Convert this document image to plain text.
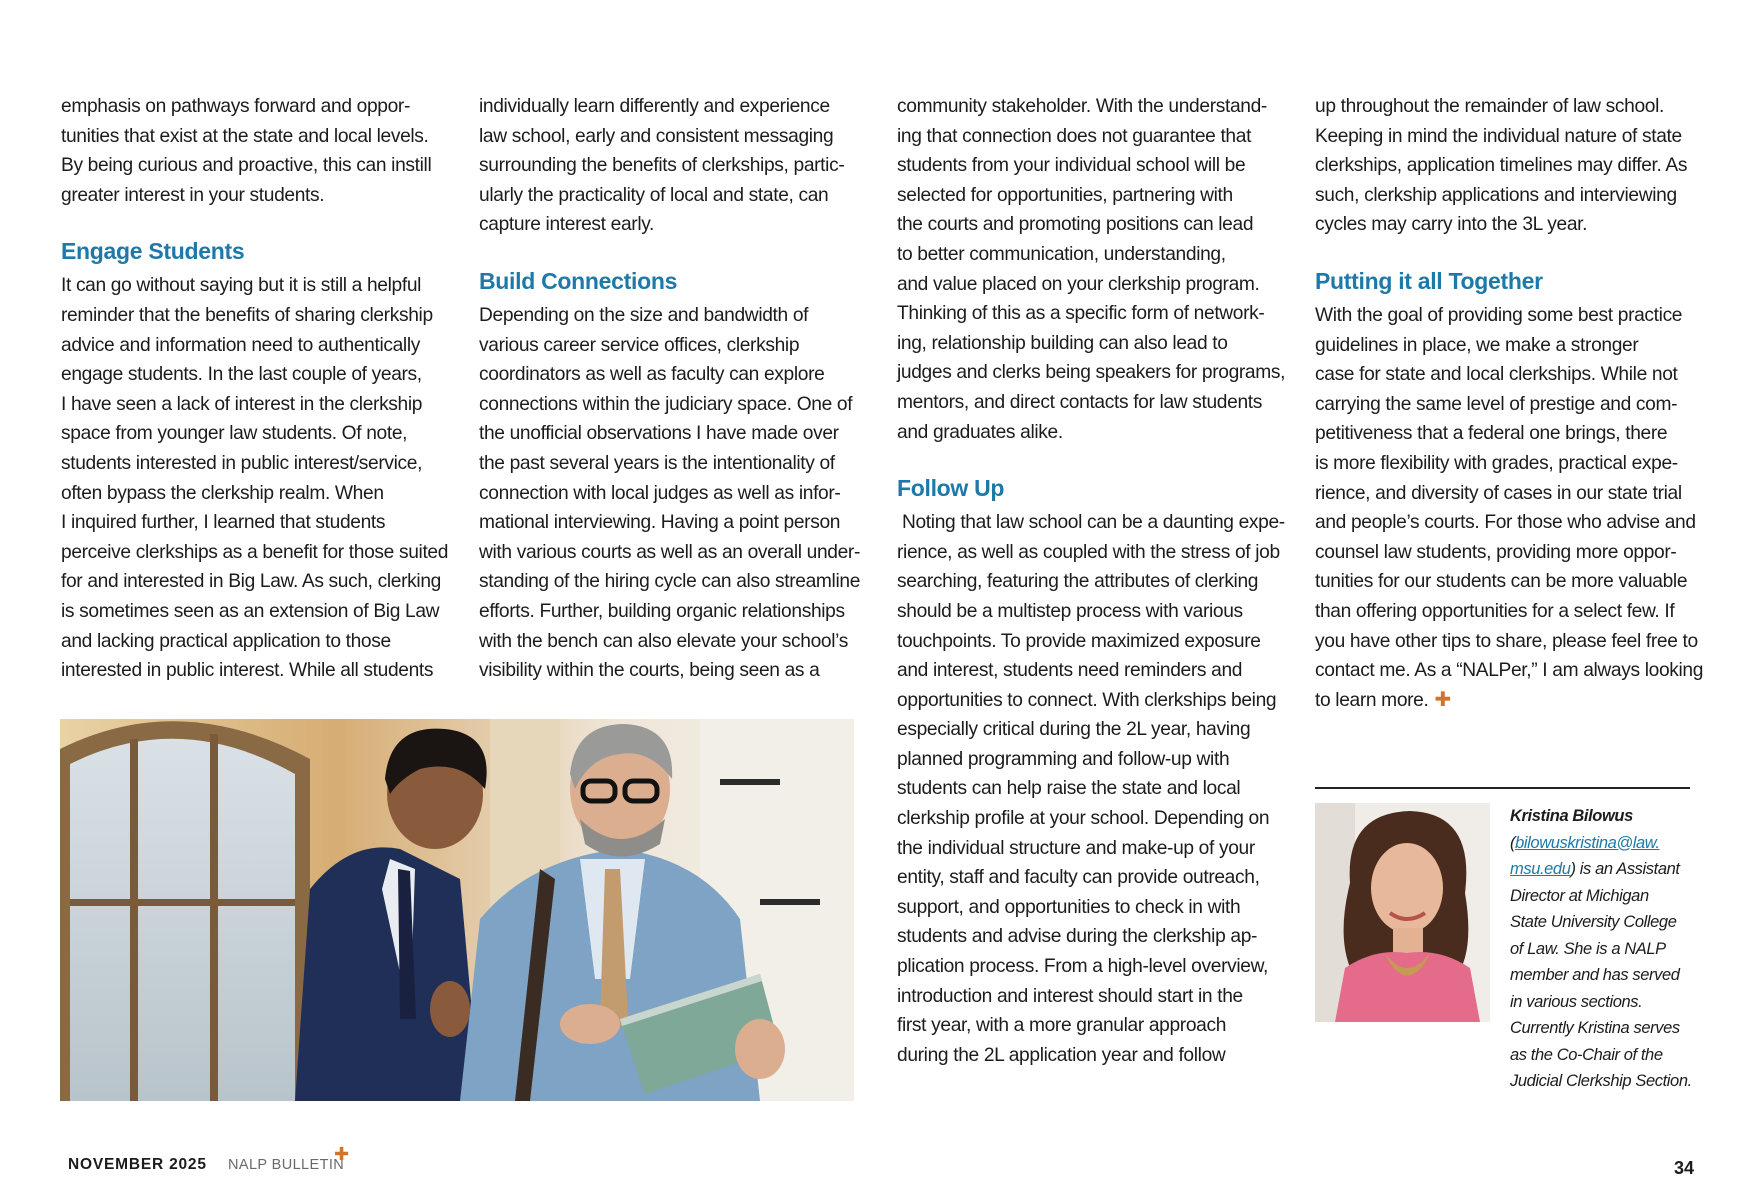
emphasis on pathways forward and oppor-

tunities that exist at the state and local levels.

By being curious and proactive, this can instill

greater interest in your students.

Engage Students

It can go without saying but it is still a helpful

reminder that the benefits of sharing clerkship

advice and information need to authentically

engage students. In the last couple of years,

I have seen a lack of interest in the clerkship

space from younger law students. Of note,

students interested in public interest/service,

often bypass the clerkship realm. When

I inquired further, I learned that students

perceive clerkships as a benefit for those suited

for and interested in Big Law. As such, clerking

is sometimes seen as an extension of Big Law

and lacking practical application to those

interested in public interest. While all students

individually learn differently and experience

law school, early and consistent messaging

surrounding the benefits of clerkships, partic-

ularly the practicality of local and state, can

capture interest early.

Build Connections

Depending on the size and bandwidth of

various career service offices, clerkship

coordinators as well as faculty can explore

connections within the judiciary space. One of

the unofficial observations I have made over

the past several years is the intentionality of

connection with local judges as well as infor-

mational interviewing. Having a point person

with various courts as well as an overall under-

standing of the hiring cycle can also streamline

efforts. Further, building organic relationships

with the bench can also elevate your school’s

visibility within the courts, being seen as a

community stakeholder. With the understand-

ing that connection does not guarantee that

students from your individual school will be

selected for opportunities, partnering with

the courts and promoting positions can lead

to better communication, understanding,

and value placed on your clerkship program.

Thinking of this as a specific form of network-

ing, relationship building can also lead to

judges and clerks being speakers for programs,

mentors, and direct contacts for law students

and graduates alike.

Follow Up

Noting that law school can be a daunting expe-

rience, as well as coupled with the stress of job

searching, featuring the attributes of clerking

should be a multistep process with various

touchpoints. To provide maximized exposure

and interest, students need reminders and

opportunities to connect. With clerkships being

especially critical during the 2L year, having

planned programming and follow-up with

students can help raise the state and local

clerkship profile at your school. Depending on

the individual structure and make-up of your

entity, staff and faculty can provide outreach,

support, and opportunities to check in with

students and advise during the clerkship ap-

plication process. From a high-level overview,

introduction and interest should start in the

first year, with a more granular approach

during the 2L application year and follow

up throughout the remainder of law school.

Keeping in mind the individual nature of state

clerkships, application timelines may differ. As

such, clerkship applications and interviewing

cycles may carry into the 3L year.

Putting it all Together

With the goal of providing some best practice

guidelines in place, we make a stronger

case for state and local clerkships. While not

carrying the same level of prestige and com-

petitiveness that a federal one brings, there

is more flexibility with grades, practical expe-

rience, and diversity of cases in our state trial

and people’s courts. For those who advise and

counsel law students, providing more oppor-

tunities for our students can be more valuable

than offering opportunities for a select few. If

you have other tips to share, please feel free to

contact me. As a “NALPer,” I am always looking

to learn more. ✚

Kristina Bilowus
(bilowuskristina@law.
msu.edu) is an Assistant
Director at Michigan
State University College
of Law. She is a NALP
member and has served
in various sections.
Currently Kristina serves
as the Co-Chair of the
Judicial Clerkship Section.
NOVEMBER 2025 NALP BULLETIN
✚
34
